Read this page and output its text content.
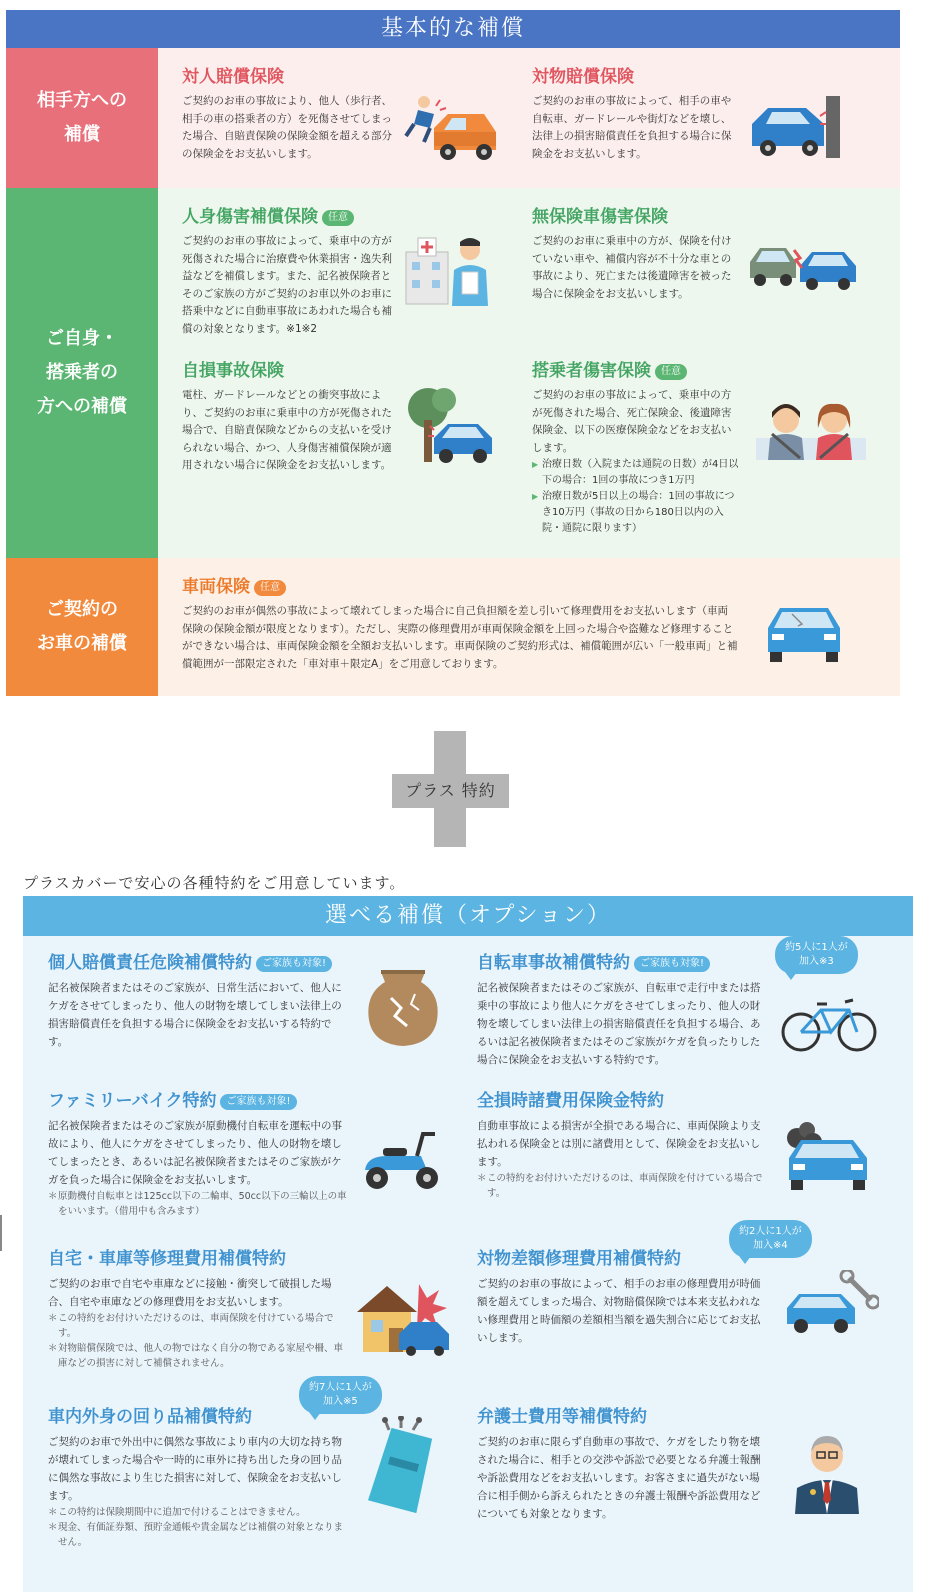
基本的な補償
相手方への
補償
対人賠償保険

ご契約のお車の事故により、他人（歩行者、相手の車の搭乗者の方）を死傷させてしまった場合、自賠責保険の保険金額を超える部分の保険金をお支払いします。

対物賠償保険

ご契約のお車の事故によって、相手の車や自転車、ガードレールや街灯などを壊し、法律上の損害賠償責任を負担する場合に保険金をお支払いします。

ご自身・
搭乗者の
方への補償
人身傷害補償保険 任意

ご契約のお車の事故によって、乗車中の方が死傷された場合に治療費や休業損害・逸失利益などを補償します。また、記名被保険者とそのご家族の方がご契約のお車以外のお車に搭乗中などに自動車事故にあわれた場合も補償の対象となります。※1※2

無保険車傷害保険

ご契約のお車に乗車中の方が、保険を付けていない車や、補償内容が不十分な車との事故により、死亡または後遺障害を被った場合に保険金をお支払いします。

自損事故保険

電柱、ガードレールなどとの衝突事故により、ご契約のお車に乗車中の方が死傷された場合で、自賠責保険などからの支払いを受けられない場合、かつ、人身傷害補償保険が適用されない場合に保険金をお支払いします。

搭乗者傷害保険 任意

ご契約のお車の事故によって、乗車中の方が死傷された場合、死亡保険金、後遺障害保険金、以下の医療保険金などをお支払いします。

▶ 治療日数（入院または通院の日数）が4日以下の場合：1回の事故につき1万円
▶ 治療日数が5日以上の場合：1回の事故につき10万円（事故の日から180日以内の入院・通院に限ります）
ご契約の
お車の補償
車両保険 任意

ご契約のお車が偶然の事故によって壊れてしまった場合に自己負担額を差し引いて修理費用をお支払いします（車両保険の保険金額が限度となります）。ただし、実際の修理費用が車両保険金額を上回った場合や盗難など修理することができない場合は、車両保険金額を全額お支払いします。車両保険のご契約形式は、補償範囲が広い「一般車両」と補償範囲が一部限定された「車対車＋限定A」をご用意しております。

プラス 特約
プラスカバーで安心の各種特約をご用意しています。
選べる補償（オプション）
個人賠償責任危険補償特約 ご家族も対象!

記名被保険者またはそのご家族が、日常生活において、他人にケガをさせてしまったり、他人の財物を壊してしまい法律上の損害賠償責任を負担する場合に保険金をお支払いする特約です。

自転車事故補償特約 ご家族も対象!

記名被保険者またはそのご家族が、自転車で走行中または搭乗中の事故により他人にケガをさせてしまったり、他人の財物を壊してしまい法律上の損害賠償責任を負担する場合、あるいは記名被保険者またはそのご家族がケガを負ったりした場合に保険金をお支払いする特約です。

約5人に1人が
加入※3
ファミリーバイク特約 ご家族も対象!

記名被保険者またはそのご家族が原動機付自転車を運転中の事故により、他人にケガをさせてしまったり、他人の財物を壊してしまったとき、あるいは記名被保険者またはそのご家族がケガを負った場合に保険金をお支払いします。

＊ 原動機付自転車とは125cc以下の二輪車、50cc以下の三輪以上の車をいいます。（借用中も含みます）
全損時諸費用保険金特約

自動車事故による損害が全損である場合に、車両保険より支払われる保険金とは別に諸費用として、保険金をお支払いします。

＊ この特約をお付けいただけるのは、車両保険を付けている場合です。
自宅・車庫等修理費用補償特約

ご契約のお車で自宅や車庫などに接触・衝突して破損した場合、自宅や車庫などの修理費用をお支払いします。

＊ この特約をお付けいただけるのは、車両保険を付けている場合です。
＊ 対物賠償保険では、他人の物ではなく自分の物である家屋や柵、車庫などの損害に対して補償されません。
対物差額修理費用補償特約

ご契約のお車の事故によって、相手のお車の修理費用が時価額を超えてしまった場合、対物賠償保険では本来支払われない修理費用と時価額の差額相当額を過失割合に応じてお支払いします。

約2人に1人が
加入※4
車内外身の回り品補償特約

ご契約のお車で外出中に偶然な事故により車内の大切な持ち物が壊れてしまった場合や一時的に車外に持ち出した身の回り品に偶然な事故により生じた損害に対して、保険金をお支払いします。

＊ この特約は保険期間中に追加で付けることはできません。
＊ 現金、有価証券類、預貯金通帳や貴金属などは補償の対象となりません。
約7人に1人が
加入※5
弁護士費用等補償特約

ご契約のお車に限らず自動車の事故で、ケガをしたり物を壊された場合に、相手との交渉や訴訟で必要となる弁護士報酬や訴訟費用などをお支払いします。お客さまに過失がない場合に相手側から訴えられたときの弁護士報酬や訴訟費用などについても対象となります。
